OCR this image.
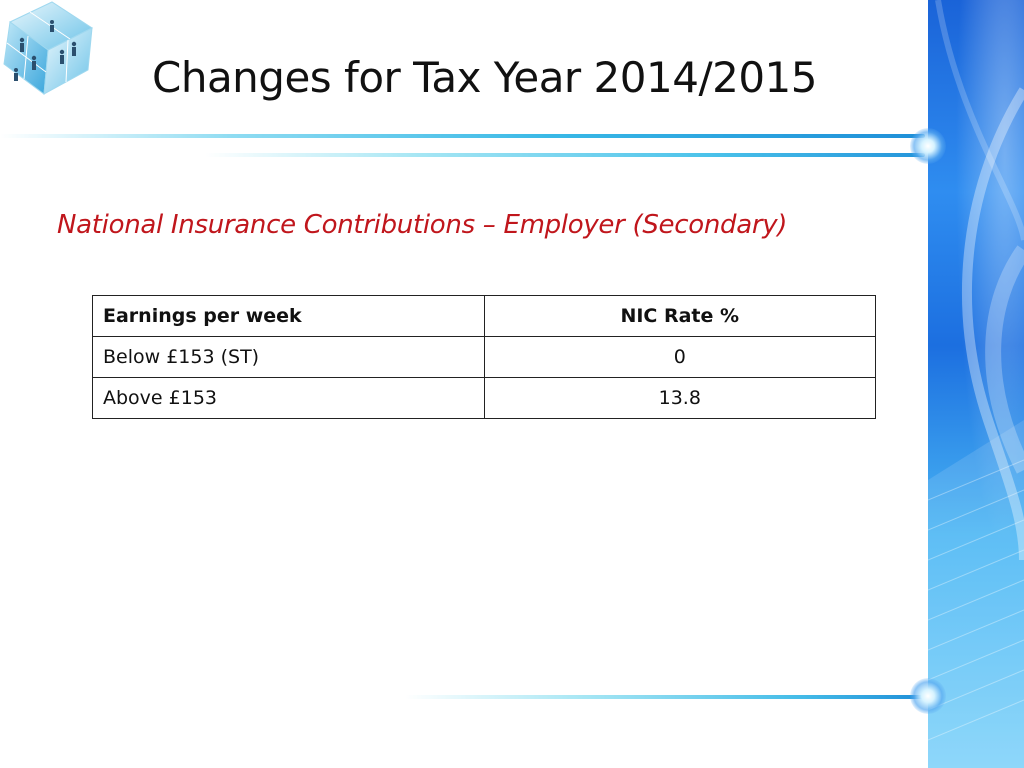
Changes for Tax Year 2014/2015
National Insurance Contributions – Employer (Secondary)
Earnings per week	NIC Rate %
Below £153 (ST)	0
Above £153	13.8
